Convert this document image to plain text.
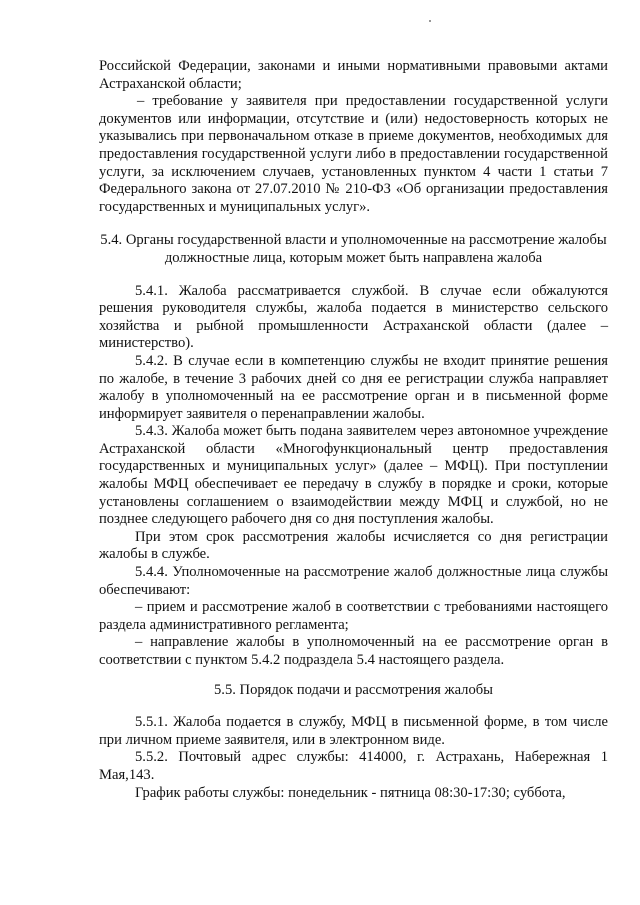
Российской Федерации, законами и иными нормативными правовыми актами Астраханской области;

– требование у заявителя при предоставлении государственной услуги документов или информации, отсутствие и (или) недостоверность которых не указывались при первоначальном отказе в приеме документов, необходимых для предоставления государственной услуги либо в предоставлении государственной услуги, за исключением случаев, установленных пунктом 4 части 1 статьи 7 Федерального закона от 27.07.2010 № 210-ФЗ «Об организации предоставления государственных и муниципальных услуг».

5.4. Органы государственной власти и уполномоченные на рассмотрение жалобы должностные лица, которым может быть направлена жалоба

5.4.1. Жалоба рассматривается службой. В случае если обжалуются решения руководителя службы, жалоба подается в министерство сельского хозяйства и рыбной промышленности Астраханской области (далее – министерство).

5.4.2. В случае если в компетенцию службы не входит принятие решения по жалобе, в течение 3 рабочих дней со дня ее регистрации служба направляет жалобу в уполномоченный на ее рассмотрение орган и в письменной форме информирует заявителя о перенаправлении жалобы.

5.4.3. Жалоба может быть подана заявителем через автономное учреждение Астраханской области «Многофункциональный центр предоставления государственных и муниципальных услуг» (далее – МФЦ). При поступлении жалобы МФЦ обеспечивает ее передачу в службу в порядке и сроки, которые установлены соглашением о взаимодействии между МФЦ и службой, но не позднее следующего рабочего дня со дня поступления жалобы.

При этом срок рассмотрения жалобы исчисляется со дня регистрации жалобы в службе.

5.4.4. Уполномоченные на рассмотрение жалоб должностные лица службы обеспечивают:

– прием и рассмотрение жалоб в соответствии с требованиями настоящего раздела административного регламента;

– направление жалобы в уполномоченный на ее рассмотрение орган в соответствии с пунктом 5.4.2 подраздела 5.4 настоящего раздела.

5.5. Порядок подачи и рассмотрения жалобы

5.5.1. Жалоба подается в службу, МФЦ в письменной форме, в том числе при личном приеме заявителя, или в электронном виде.

5.5.2. Почтовый адрес службы: 414000, г. Астрахань, Набережная 1 Мая,143.

График работы службы: понедельник - пятница 08:30-17:30; суббота,
